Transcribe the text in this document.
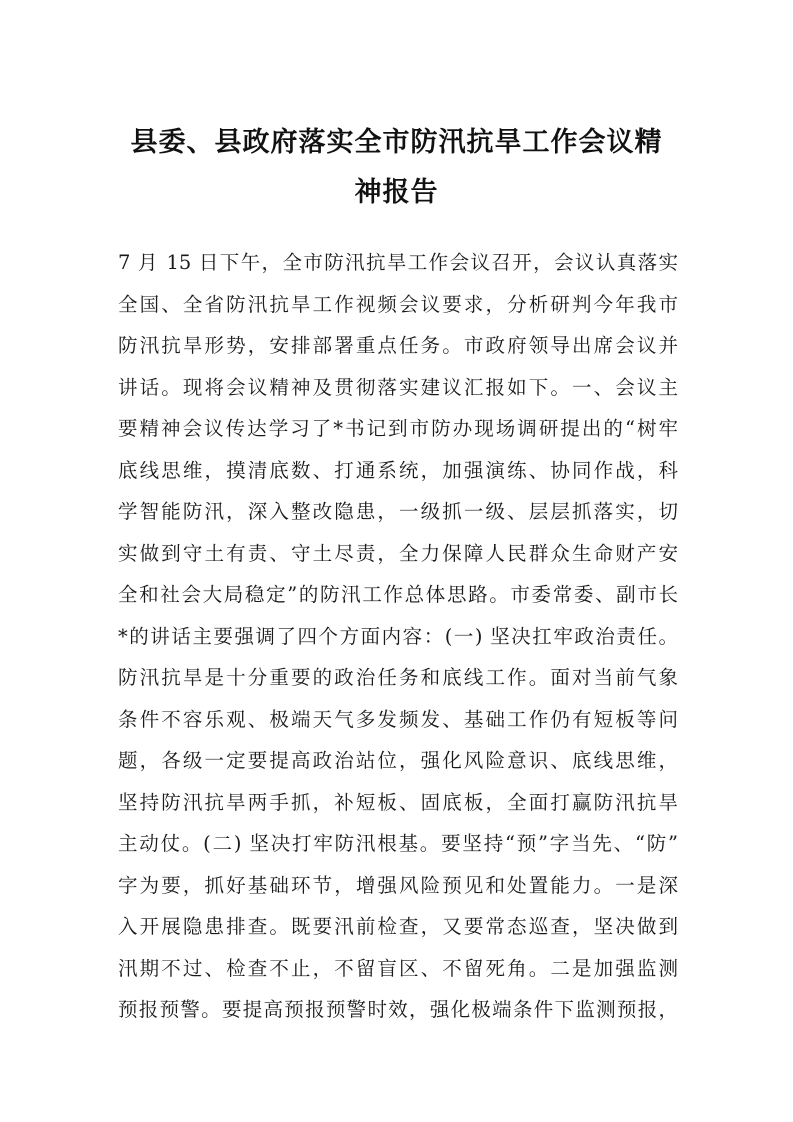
县委、县政府落实全市防汛抗旱工作会议精
神报告
7 月 15 日下午，全市防汛抗旱工作会议召开，会议认真落实
全国、全省防汛抗旱工作视频会议要求，分析研判今年我市
防汛抗旱形势，安排部署重点任务。市政府领导出席会议并
讲话。现将会议精神及贯彻落实建议汇报如下。一、会议主
要精神会议传达学习了*书记到市防办现场调研提出的“树牢
底线思维，摸清底数、打通系统，加强演练、协同作战，科
学智能防汛，深入整改隐患，一级抓一级、层层抓落实，切
实做到守土有责、守土尽责，全力保障人民群众生命财产安
全和社会大局稳定”的防汛工作总体思路。市委常委、副市长
*的讲话主要强调了四个方面内容：(一) 坚决扛牢政治责任。
防汛抗旱是十分重要的政治任务和底线工作。面对当前气象
条件不容乐观、极端天气多发频发、基础工作仍有短板等问
题，各级一定要提高政治站位，强化风险意识、底线思维，
坚持防汛抗旱两手抓，补短板、固底板，全面打赢防汛抗旱
主动仗。(二) 坚决打牢防汛根基。要坚持“预”字当先、“防”
字为要，抓好基础环节，增强风险预见和处置能力。一是深
入开展隐患排查。既要汛前检查，又要常态巡查，坚决做到
汛期不过、检查不止，不留盲区、不留死角。二是加强监测
预报预警。要提高预报预警时效，强化极端条件下监测预报，
